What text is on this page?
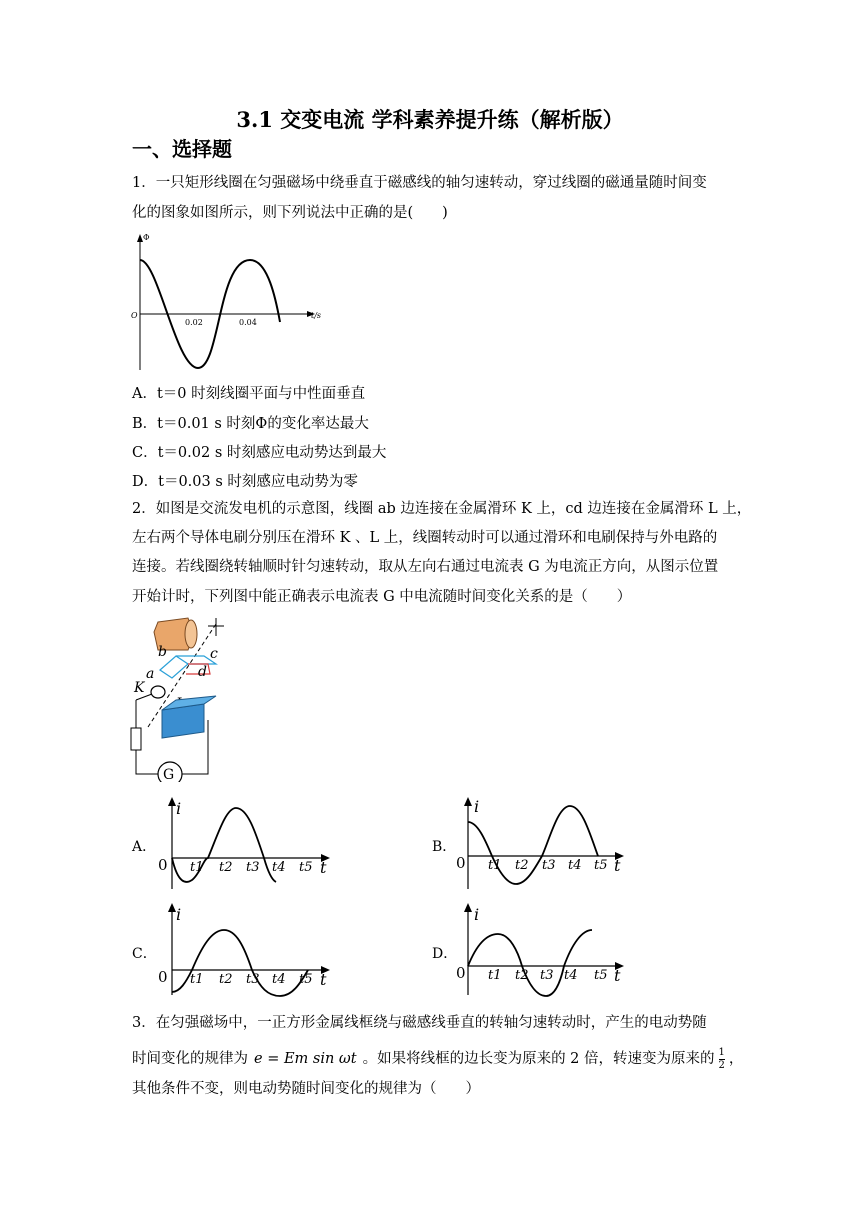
3.1 交变电流 学科素养提升练（解析版）
一、选择题
1．一只矩形线圈在匀强磁场中绕垂直于磁感线的轴匀速转动，穿过线圈的磁通量随时间变
化的图象如图所示，则下列说法中正确的是(　　)
Φ
t/s
O
0.02	0.04
A．t＝0 时刻线圈平面与中性面垂直
B．t＝0.01 s 时刻Φ的变化率达最大
C．t＝0.02 s 时刻感应电动势达到最大
D．t＝0.03 s 时刻感应电动势为零
2．如图是交流发电机的示意图，线圈 ab 边连接在金属滑环 K 上，cd 边连接在金属滑环 L 上，
左右两个导体电刷分别压在滑环 K 、L 上，线圈转动时可以通过滑环和电刷保持与外电路的
连接。若线圈绕转轴顺时针匀速转动，取从左向右通过电流表 G 为电流正方向，从图示位置
开始计时，下列图中能正确表示电流表 G 中电流随时间变化关系的是（　　）
b	c
a	d
K
G
A．	B．
C．	D．
i
0	t
t1 t2 t3 t4 t5
i
0	t
t1 t2 t3 t4 t5
i
0	t
t1 t2 t3 t4 t5
i
0	t
t1 t2 t3 t4 t5
3．在匀强磁场中，一正方形金属线框绕与磁感线垂直的转轴匀速转动时，产生的电动势随
时间变化的规律为 e = Em sin ωt 。如果将线框的边长变为原来的 2 倍，转速变为原来的 $\frac{1}{2}$ ，
其他条件不变，则电动势随时间变化的规律为（　　）
